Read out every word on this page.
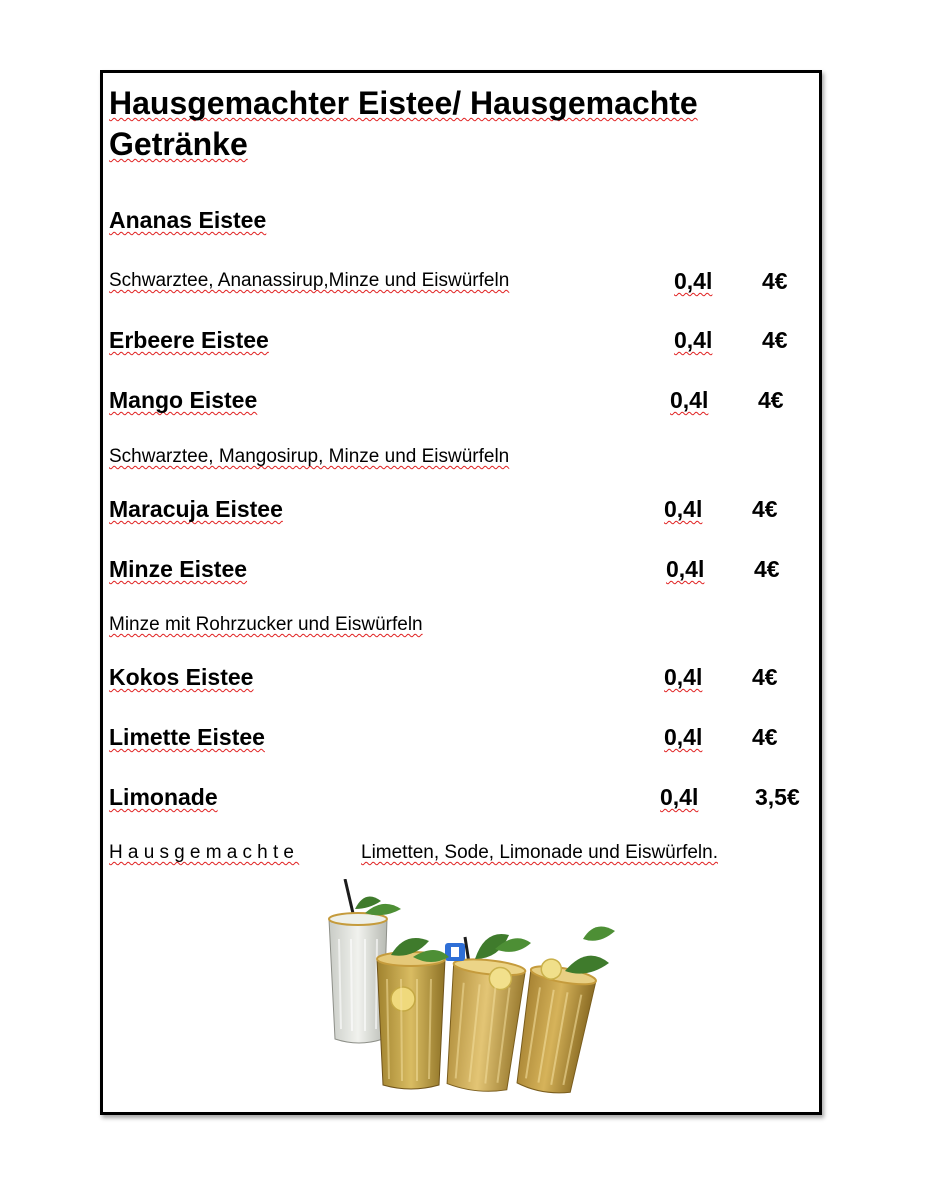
Hausgemachter Eistee/ Hausgemachte
Getränke
Ananas Eistee
Schwarztee, Ananassirup,Minze und Eiswürfeln	0,4l 4€
Erbeere Eistee	0,4l 4€
Mango Eistee	0,4l 4€
Schwarztee, Mangosirup, Minze und Eiswürfeln
Maracuja Eistee	0,4l 4€
Minze Eistee	0,4l 4€
Minze mit Rohrzucker und Eiswürfeln
Kokos Eistee	0,4l 4€
Limette Eistee	0,4l 4€
Limonade	0,4l 3,5€
Hausgemachte	Limetten, Sode, Limonade und Eiswürfeln.
